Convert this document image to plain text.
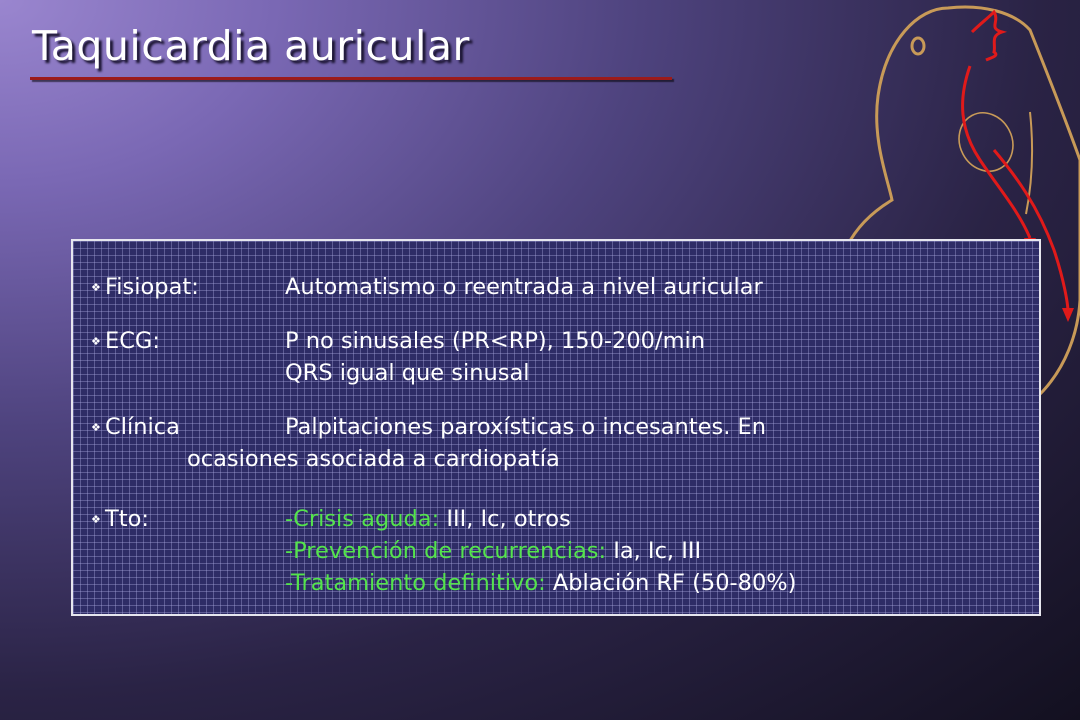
Taquicardia auricular
❖ Fisiopat:	Automatismo o reentrada a nivel auricular
❖ ECG:	P no sinusales (PR<RP), 150-200/min
QRS igual que sinusal
❖ Clínica	Palpitaciones paroxísticas o incesantes. En
ocasiones asociada a cardiopatía
❖ Tto:	-Crisis aguda: III, Ic, otros
-Prevención de recurrencias: Ia, Ic, III
-Tratamiento definitivo: Ablación RF (50-80%)
